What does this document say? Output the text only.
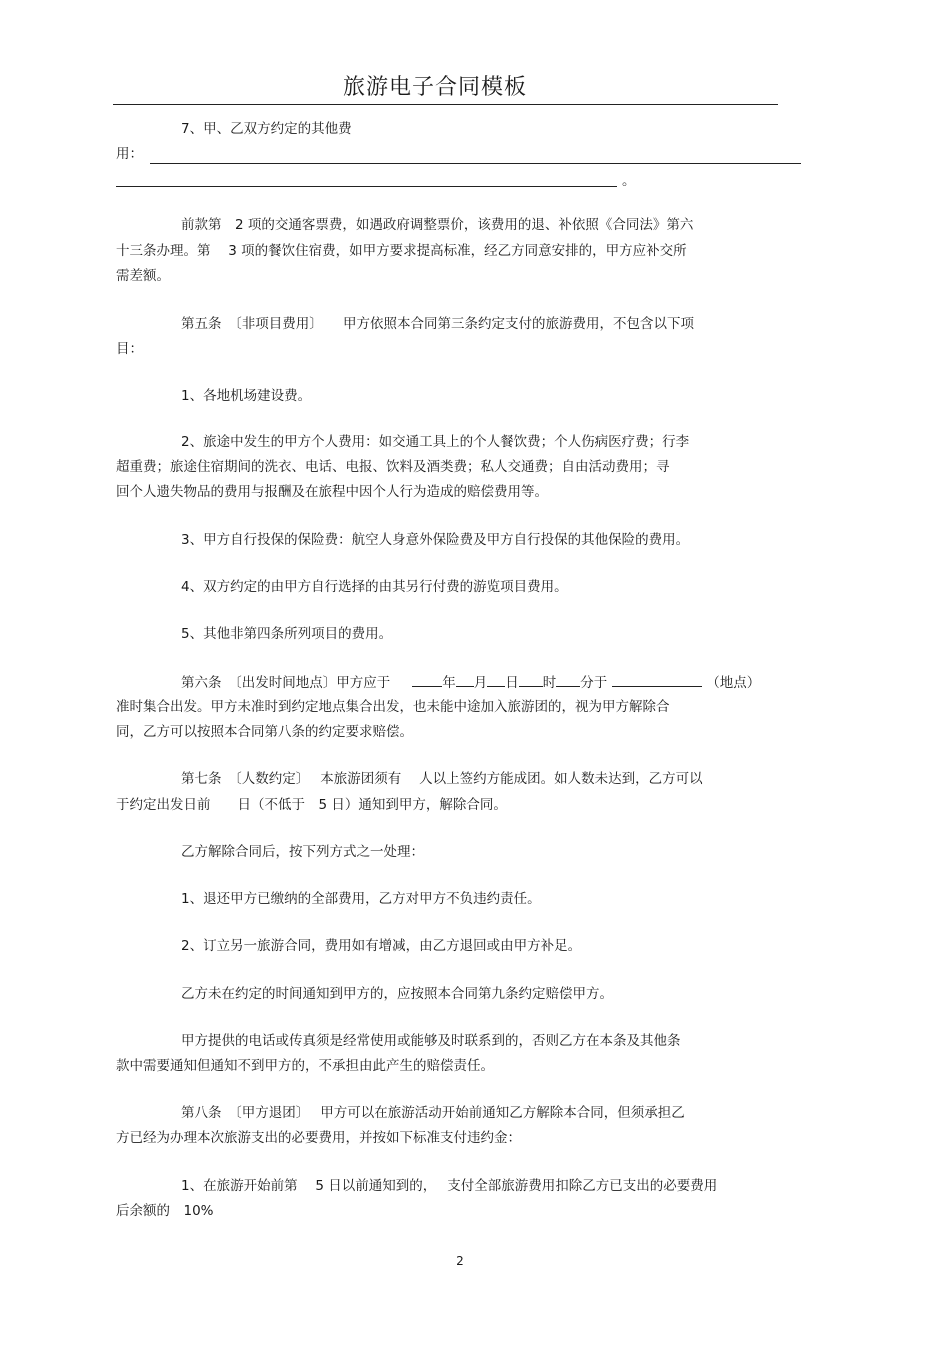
旅游电子合同模板
7、甲、乙双方约定的其他费
用：
。
前款第　2 项的交通客票费，如遇政府调整票价，该费用的退、补依照《合同法》第六
十三条办理。第　 3 项的餐饮住宿费，如甲方要求提高标准，经乙方同意安排的，甲方应补交所
需差额。
第五条　〔非项目费用〕　　甲方依照本合同第三条约定支付的旅游费用，不包含以下项
目：
1、各地机场建设费。
2、旅途中发生的甲方个人费用：如交通工具上的个人餐饮费；个人伤病医疗费；行李
超重费；旅途住宿期间的洗衣、电话、电报、饮料及酒类费；私人交通费；自由活动费用；寻
回个人遗失物品的费用与报酬及在旅程中因个人行为造成的赔偿费用等。
3、甲方自行投保的保险费：航空人身意外保险费及甲方自行投保的其他保险的费用。
4、双方约定的由甲方自行选择的由其另行付费的游览项目费用。
5、其他非第四条所列项目的费用。
第六条　〔出发时间地点〕甲方应于	年 月 日 时 分于	（地点）
准时集合出发。甲方未准时到约定地点集合出发，也未能中途加入旅游团的，视为甲方解除合
同，乙方可以按照本合同第八条的约定要求赔偿。
第七条　〔人数约定〕　 本旅游团须有　 人以上签约方能成团。如人数未达到，乙方可以
于约定出发日前　　日（不低于　5 日）通知到甲方，解除合同。
乙方解除合同后，按下列方式之一处理：
1、退还甲方已缴纳的全部费用，乙方对甲方不负违约责任。
2、订立另一旅游合同，费用如有增减，由乙方退回或由甲方补足。
乙方未在约定的时间通知到甲方的，应按照本合同第九条约定赔偿甲方。
甲方提供的电话或传真须是经常使用或能够及时联系到的，否则乙方在本条及其他条
款中需要通知但通知不到甲方的，不承担由此产生的赔偿责任。
第八条　〔甲方退团〕　 甲方可以在旅游活动开始前通知乙方解除本合同，但须承担乙
方已经为办理本次旅游支出的必要费用，并按如下标准支付违约金：
1、在旅游开始前第　 5 日以前通知到的，　 支付全部旅游费用扣除乙方已支出的必要费用
后余额的　10%
2
